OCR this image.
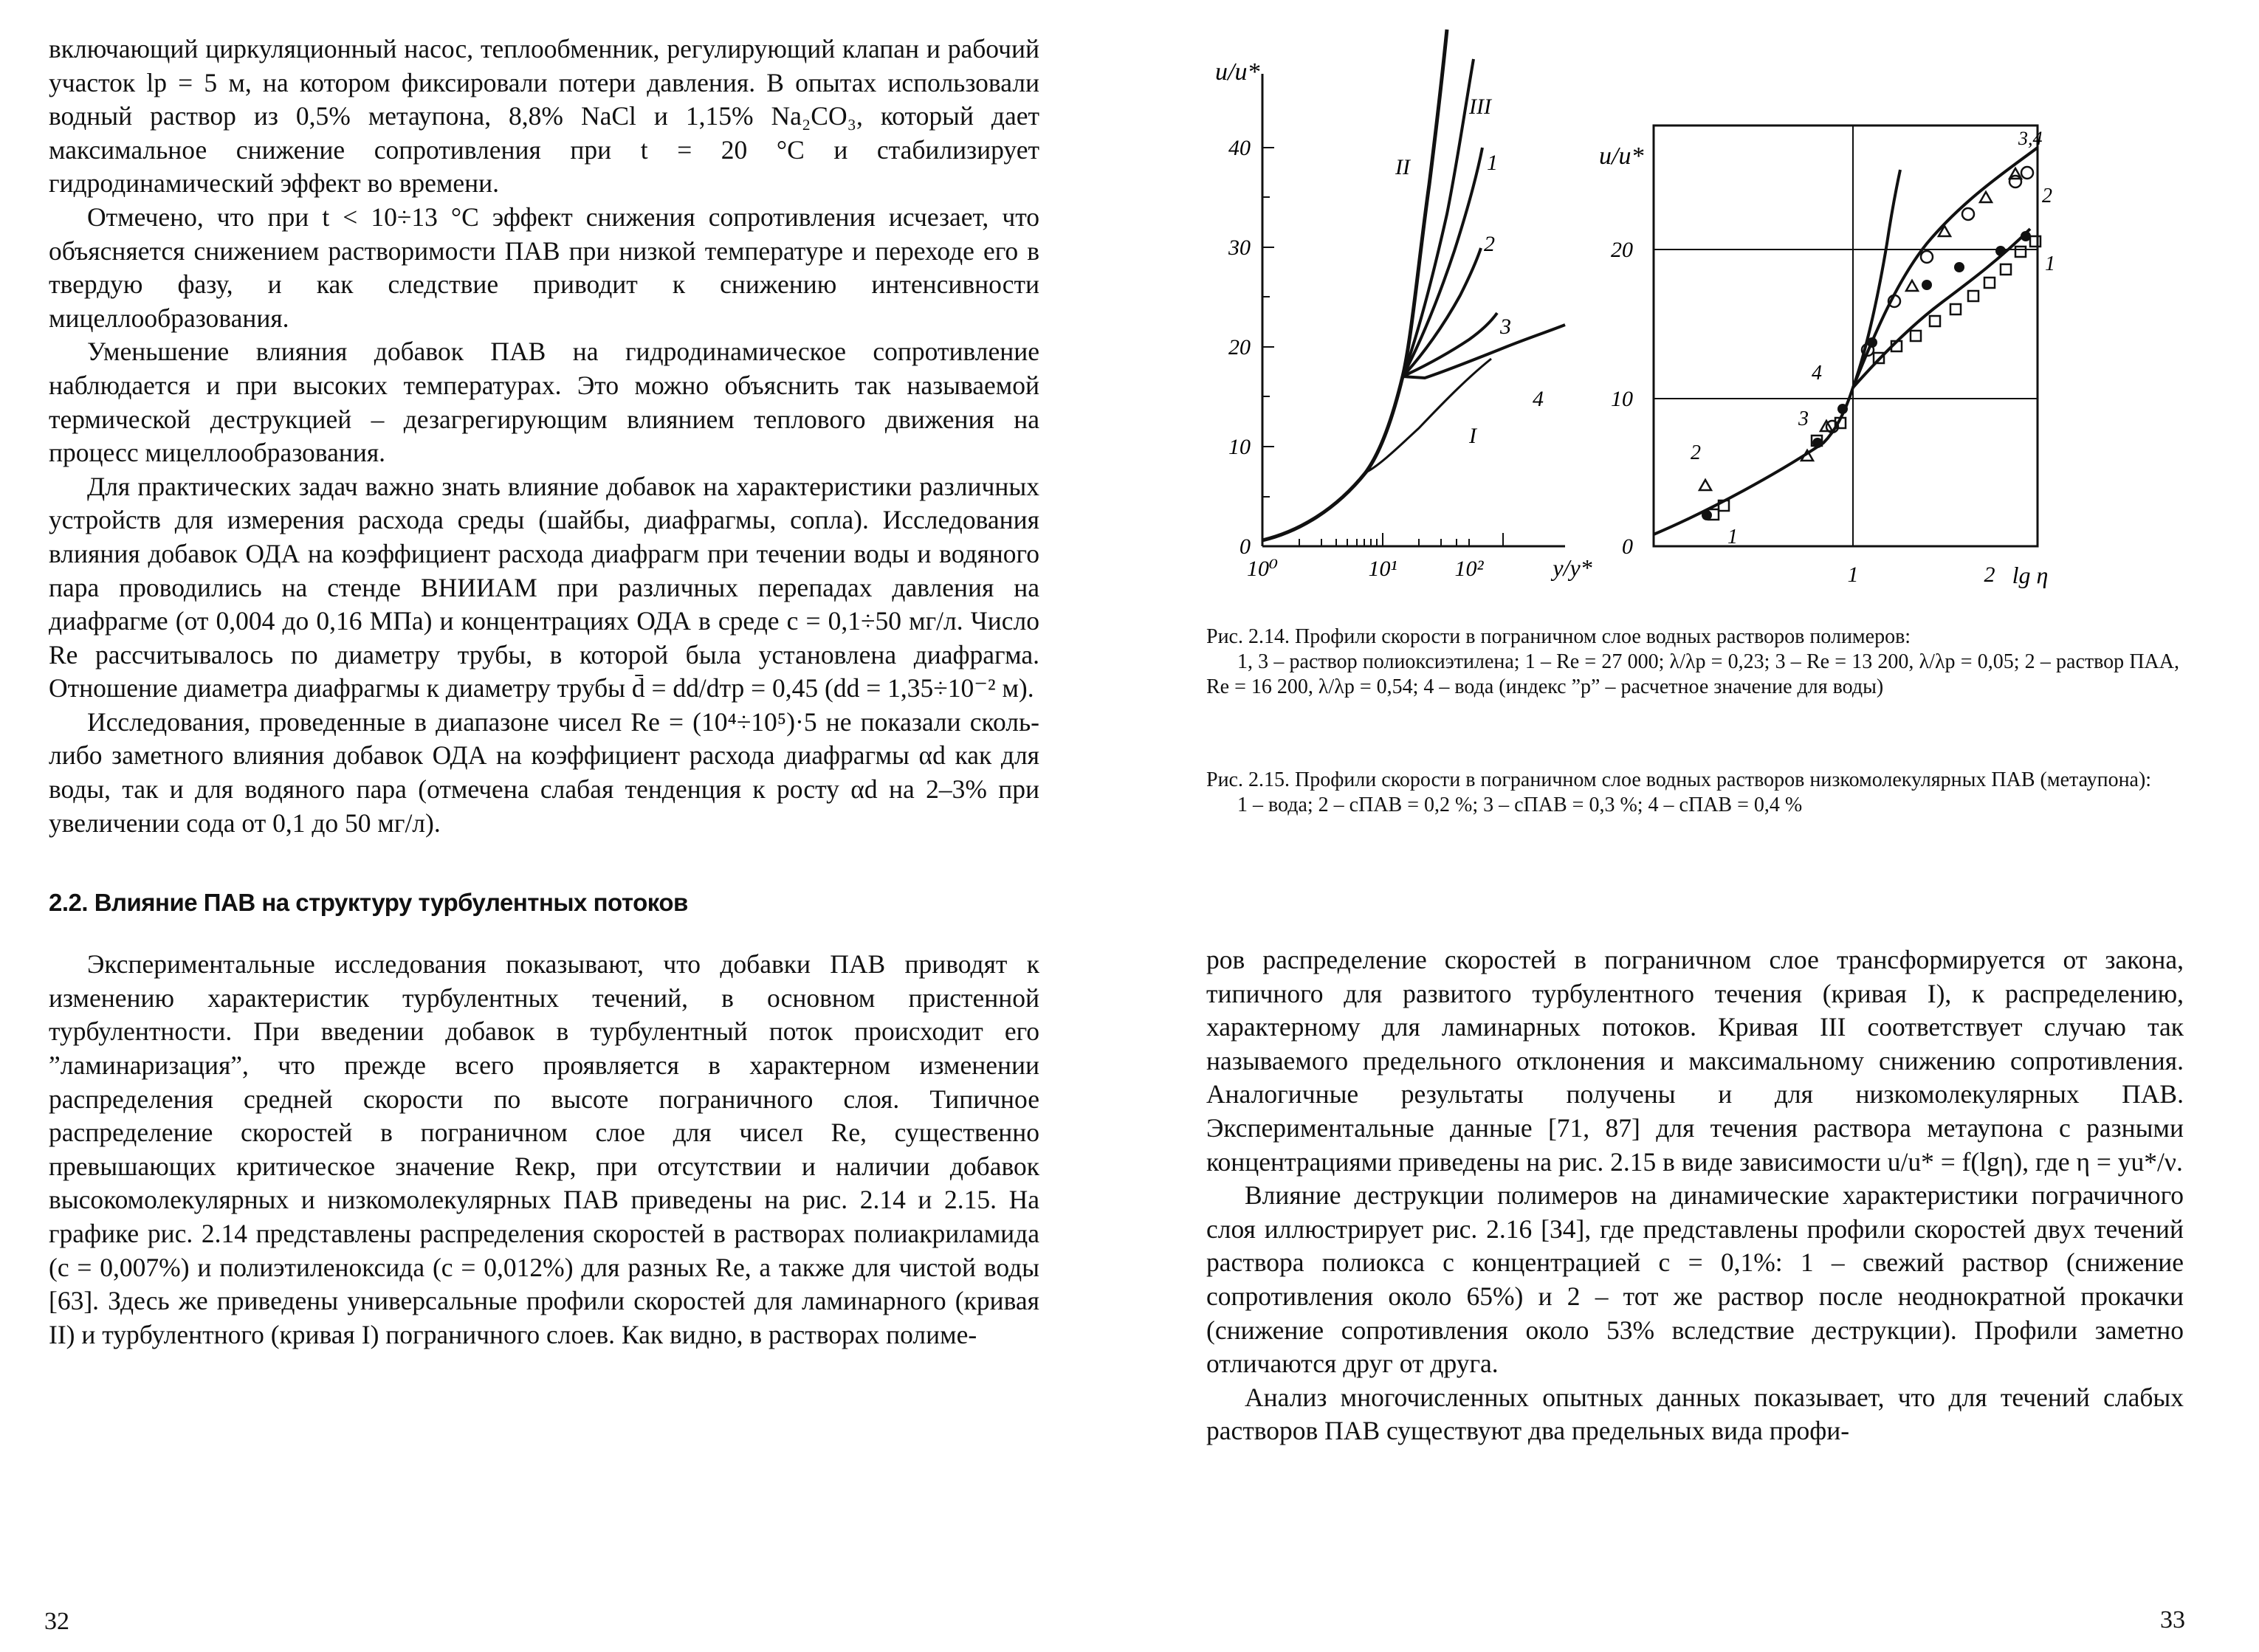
включающий циркуляционный насос, теплообменник, регулирующий клапан и рабочий участок lр = 5 м, на котором фиксировали потери давления. В опытах использовали водный раствор из 0,5% метаупона, 8,8% NaCl и 1,15% Na₂CO₃, который дает максимальное снижение сопротивления при t = 20 °С и стабилизирует гидродинамический эффект во времени.

Отмечено, что при t < 10÷13 °С эффект снижения сопротивления исчезает, что объясняется снижением растворимости ПАВ при низкой температуре и переходе его в твердую фазу, и как следствие приводит к снижению интенсивности мицеллообразования.

Уменьшение влияния добавок ПАВ на гидродинамическое сопротивление наблюдается и при высоких температурах. Это можно объяснить так называемой термической деструкцией – дезагрегирующим влиянием теплового движения на процесс мицеллообразования.

Для практических задач важно знать влияние добавок на характеристики различных устройств для измерения расхода среды (шайбы, диафрагмы, сопла). Исследования влияния добавок ОДА на коэффициент расхода диафрагм при течении воды и водяного пара проводились на стенде ВНИИАМ при различных перепадах давления на диафрагме (от 0,004 до 0,16 МПа) и концентрациях ОДА в среде c = 0,1÷50 мг/л. Число Re рассчитывалось по диаметру трубы, в которой была установлена диафрагма. Отношение диаметра диафрагмы к диаметру трубы d̄ = dd/dтр = 0,45 (dd = 1,35÷10⁻² м).

Исследования, проведенные в диапазоне чисел Re = (10⁴÷10⁵)·5 не показали сколь-либо заметного влияния добавок ОДА на коэффициент расхода диафрагмы αd как для воды, так и для водяного пара (отмечена слабая тенденция к росту αd на 2–3% при увеличении cода от 0,1 до 50 мг/л).

2.2. Влияние ПАВ на структуру турбулентных потоков

Экспериментальные исследования показывают, что добавки ПАВ приводят к изменению характеристик турбулентных течений, в основном пристенной турбулентности. При введении добавок в турбулентный поток происходит его ”ламинаризация”, что прежде всего проявляется в характерном изменении распределения средней скорости по высоте пограничного слоя. Типичное распределение скоростей в пограничном слое для чисел Re, существенно превышающих критическое значение Reкр, при отсутствии и наличии добавок высокомолекулярных и низкомолекулярных ПАВ приведены на рис. 2.14 и 2.15. На графике рис. 2.14 представлены распределения скоростей в растворах полиакриламида (c = 0,007%) и полиэтиленоксида (c = 0,012%) для разных Re, а также для чистой воды [63]. Здесь же приведены универсальные профили скоростей для ламинарного (кривая II) и турбулентного (кривая I) пограничного слоев. Как видно, в растворах полиме-

32
0
10
20
30
40
u/u*
10⁰	10¹	10²	y/y*
II
III
1
2
3
I
4
0
10
20
u/u*
1	2 lg η
3,4
2
1
4
3
2
1
Рис. 2.14. Профили скорости в пограничном слое водных растворов полимеров:
1, 3 – раствор полиоксиэтилена; 1 – Re = 27 000; λ/λр = 0,23; 3 – Re = 13 200, λ/λр = 0,05; 2 – раствор ПАА, Re = 16 200, λ/λр = 0,54; 4 – вода (индекс ”р” – расчетное значение для воды)
Рис. 2.15. Профили скорости в пограничном слое водных растворов низкомолекулярных ПАВ (метаупона):
1 – вода; 2 – cПАВ = 0,2 %; 3 – cПАВ = 0,3 %; 4 – cПАВ = 0,4 %

ров распределение скоростей в пограничном слое трансформируется от закона, типичного для развитого турбулентного течения (кривая I), к распределению, характерному для ламинарных потоков. Кривая III соответствует случаю так называемого предельного отклонения и максимальному снижению сопротивления. Аналогичные результаты получены и для низкомолекулярных ПАВ. Экспериментальные данные [71, 87] для течения раствора метаупона с разными концентрациями приведены на рис. 2.15 в виде зависимости u/u* = f(lgη), где η = yu*/ν.

Влияние деструкции полимеров на динамические характеристики пограчичного слоя иллюстрирует рис. 2.16 [34], где представлены профили скоростей двух течений раствора полиокса с концентрацией c = 0,1%: 1 – свежий раствор (снижение сопротивления около 65%) и 2 – тот же раствор после неоднократной прокачки (снижение сопротивления около 53% вследствие деструкции). Профили заметно отличаются друг от друга.

Анализ многочисленных опытных данных показывает, что для течений слабых растворов ПАВ существуют два предельных вида профи-

33
